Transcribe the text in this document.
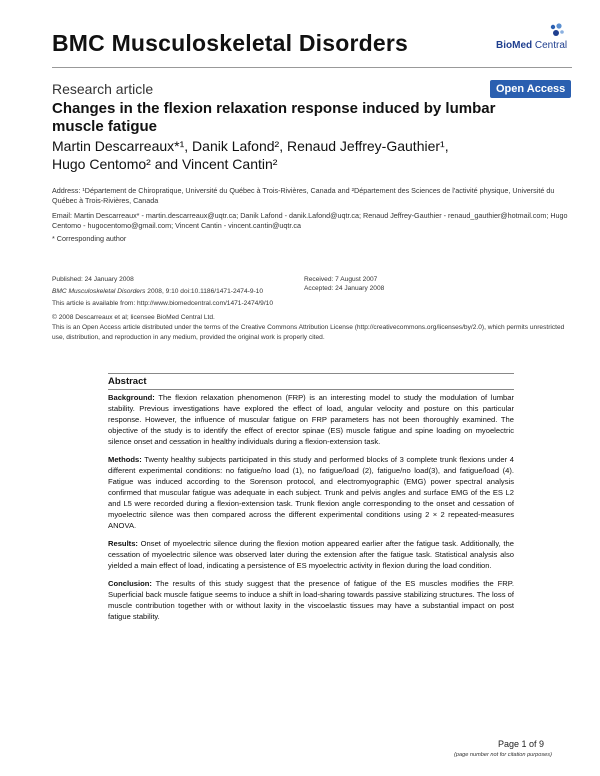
BMC Musculoskeletal Disorders	BioMed Central
Research article	Open Access
Changes in the flexion relaxation response induced by lumbar muscle fatigue
Martin Descarreaux*¹, Danik Lafond², Renaud Jeffrey-Gauthier¹,
Hugo Centomo² and Vincent Cantin²
Address: ¹Département de Chiropratique, Université du Québec à Trois-Rivières, Canada and ²Département des Sciences de l'activité physique, Université du Québec à Trois-Rivières, Canada
Email: Martin Descarreaux* - martin.descarreaux@uqtr.ca; Danik Lafond - danik.Lafond@uqtr.ca; Renaud Jeffrey-Gauthier - renaud_gauthier@hotmail.com; Hugo Centomo - hugocentomo@gmail.com; Vincent Cantin - vincent.cantin@uqtr.ca
* Corresponding author
Published: 24 January 2008
BMC Musculoskeletal Disorders 2008, 9:10 doi:10.1186/1471-2474-9-10
Received: 7 August 2007
Accepted: 24 January 2008
This article is available from: http://www.biomedcentral.com/1471-2474/9/10
© 2008 Descarreaux et al; licensee BioMed Central Ltd.
This is an Open Access article distributed under the terms of the Creative Commons Attribution License (http://creativecommons.org/licenses/by/2.0), which permits unrestricted use, distribution, and reproduction in any medium, provided the original work is properly cited.
Abstract

Background: The flexion relaxation phenomenon (FRP) is an interesting model to study the modulation of lumbar stability. Previous investigations have explored the effect of load, angular velocity and posture on this particular response. However, the influence of muscular fatigue on FRP parameters has not been thoroughly examined. The objective of the study is to identify the effect of erector spinae (ES) muscle fatigue and spine loading on myoelectric silence onset and cessation in healthy individuals during a flexion-extension task.

Methods: Twenty healthy subjects participated in this study and performed blocks of 3 complete trunk flexions under 4 different experimental conditions: no fatigue/no load (1), no fatigue/load (2), fatigue/no load(3), and fatigue/load (4). Fatigue was induced according to the Sorenson protocol, and electromyographic (EMG) power spectral analysis confirmed that muscular fatigue was adequate in each subject. Trunk and pelvis angles and surface EMG of the ES L2 and L5 were recorded during a flexion-extension task. Trunk flexion angle corresponding to the onset and cessation of myoelectric silence was then compared across the different experimental conditions using 2 × 2 repeated-measures ANOVA.

Results: Onset of myoelectric silence during the flexion motion appeared earlier after the fatigue task. Additionally, the cessation of myoelectric silence was observed later during the extension after the fatigue task. Statistical analysis also yielded a main effect of load, indicating a persistence of ES myoelectric activity in flexion during the load condition.

Conclusion: The results of this study suggest that the presence of fatigue of the ES muscles modifies the FRP. Superficial back muscle fatigue seems to induce a shift in load-sharing towards passive stabilizing structures. The loss of muscle contribution together with or without laxity in the viscoelastic tissues may have a substantial impact on post fatigue stability.

Page 1 of 9
(page number not for citation purposes)
